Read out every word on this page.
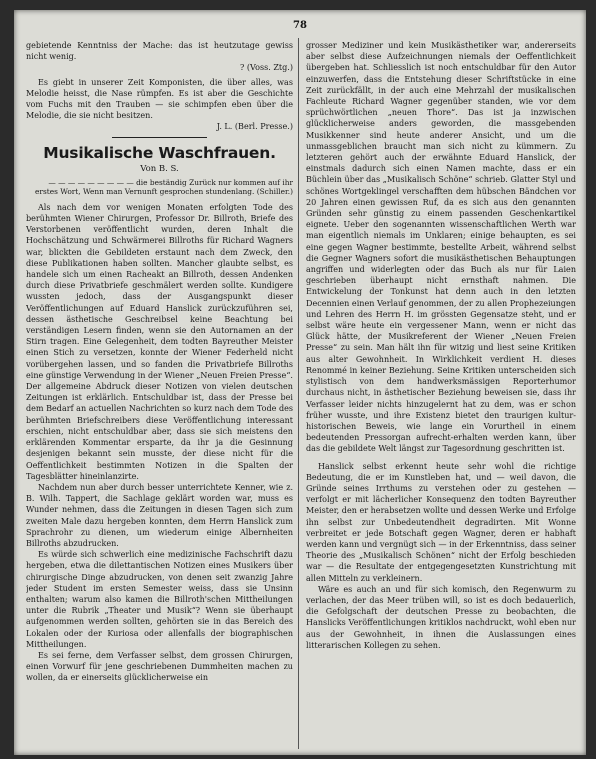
78

gebietende Kenntniss der Mache: das ist heutzutage gewiss nicht wenig.

? (Voss. Ztg.)

Es giebt in unserer Zeit Komponisten, die über alles, was Melodie heisst, die Nase rümpfen. Es ist aber die Geschichte vom Fuchs mit den Trauben — sie schimpfen eben über die Melodie, die sie nicht besitzen.

J. L. (Berl. Presse.)

Musikalische Waschfrauen.

Von B. S.

— — — — — — — — — die beständig Zurück nur kommen auf ihr erstes Wort, Wenn man Vernunft gesprochen stundenlang. (Schiller.)

Als nach dem vor wenigen Monaten erfolgten Tode des berühmten Wiener Chirurgen, Professor Dr. Billroth, Briefe des Verstorbenen veröffentlicht wurden, deren Inhalt die Hochschätzung und Schwärmerei Billroths für Richard Wagners war, blickten die Gebildeten erstaunt nach dem Zweck, den diese Publikationen haben sollten. Mancher glaubte selbst, es handele sich um einen Racheakt an Billroth, dessen Andenken durch diese Privatbriefe geschmälert werden sollte. Kundigere wussten jedoch, dass der Ausgangspunkt dieser Veröffentlichungen auf Eduard Hanslick zurückzuführen sei, dessen ästhetische Geschreibsel keine Beachtung bei verständigen Lesern finden, wenn sie den Autornamen an der Stirn tragen. Eine Gelegenheit, dem todten Bayreuther Meister einen Stich zu versetzen, konnte der Wiener Federheld nicht vorübergehen lassen, und so fanden die Privatbriefe Billroths eine günstige Verwendung in der Wiener „Neuen Freien Presse“. Der allgemeine Abdruck dieser Notizen von vielen deutschen Zeitungen ist erklärlich. Entschuldbar ist, dass der Presse bei dem Bedarf an actuellen Nachrichten so kurz nach dem Tode des berühmten Briefschreibers diese Veröffentlichung interessant erschien, nicht entschuldbar aber, dass sie sich meistens den erklärenden Kommentar ersparte, da ihr ja die Gesinnung desjenigen bekannt sein musste, der diese nicht für die Oeffentlichkeit bestimmten Notizen in die Spalten der Tagesblätter hineinlanzirte.

Nachdem nun aber durch besser unterrichtete Kenner, wie z. B. Wilh. Tappert, die Sachlage geklärt worden war, muss es Wunder nehmen, dass die Zeitungen in diesen Tagen sich zum zweiten Male dazu hergeben konnten, dem Herrn Hanslick zum Sprachrohr zu dienen, um wiederum einige Albernheiten Billroths abzudrucken.

Es würde sich schwerlich eine medizinische Fachschrift dazu hergeben, etwa die dilettantischen Notizen eines Musikers über chirurgische Dinge abzudrucken, von denen seit zwanzig Jahre jeder Student im ersten Semester weiss, dass sie Unsinn enthalten; warum also kamen die Billroth'schen Mittheilungen unter die Rubrik „Theater und Musik“? Wenn sie überhaupt aufgenommen werden sollten, gehörten sie in das Bereich des Lokalen oder der Kuriosa oder allenfalls der biographischen Mittheilungen.

Es sei ferne, dem Verfasser selbst, dem grossen Chirurgen, einen Vorwurf für jene geschriebenen Dummheiten machen zu wollen, da er einerseits glücklicherweise ein

grosser Mediziner und kein Musikästhetiker war, andererseits aber selbst diese Aufzeichnungen niemals der Oeffentlichkeit übergeben hat. Schliesslich ist noch entschuldbar für den Autor einzuwerfen, dass die Entstehung dieser Schriftstücke in eine Zeit zurückfällt, in der auch eine Mehrzahl der musikalischen Fachleute Richard Wagner gegenüber standen, wie vor dem sprüchwörtlichen „neuen Thore“. Das ist ja inzwischen glücklicherweise anders geworden, die massgebenden Musikkenner sind heute anderer Ansicht, und um die unmassgeblichen braucht man sich nicht zu kümmern. Zu letzteren gehört auch der erwähnte Eduard Hanslick, der einstmals dadurch sich einen Namen machte, dass er ein Büchlein über das „Musikalisch Schöne“ schrieb. Glatter Styl und schönes Wortgeklingel verschafften dem hübschen Bändchen vor 20 Jahren einen gewissen Ruf, da es sich aus den genannten Gründen sehr günstig zu einem passenden Geschenkartikel eignete. Ueber den sogenannten wissenschaftlichen Werth war man eigentlich niemals im Unklaren; einige behaupten, es sei eine gegen Wagner bestimmte, bestellte Arbeit, während selbst die Gegner Wagners sofort die musikästhetischen Behauptungen angriffen und widerlegten oder das Buch als nur für Laien geschrieben überhaupt nicht ernsthaft nahmen. Die Entwickelung der Tonkunst hat denn auch in den letzten Decennien einen Verlauf genommen, der zu allen Prophezeiungen und Lehren des Herrn H. im grössten Gegensatze steht, und er selbst wäre heute ein vergessener Mann, wenn er nicht das Glück hätte, der Musikreferent der Wiener „Neuen Freien Presse“ zu sein. Man hält ihn für witzig und liest seine Kritiken aus alter Gewohnheit. In Wirklichkeit verdient H. dieses Renommé in keiner Beziehung. Seine Kritiken unterscheiden sich stylistisch von dem handwerksmässigen Reporterhumor durchaus nicht, in ästhetischer Beziehung beweisen sie, dass ihr Verfasser leider nichts hinzugelernt hat zu dem, was er schon früher wusste, und ihre Existenz bietet den traurigen kultur-historischen Beweis, wie lange ein Vorurtheil in einem bedeutenden Pressorgan aufrecht-erhalten werden kann, über das die gebildete Welt längst zur Tagesordnung geschritten ist.

Hanslick selbst erkennt heute sehr wohl die richtige Bedeutung, die er im Kunstleben hat, und — weil davon, die Gründe seines Irrthums zu verstehen oder zu gestehen — verfolgt er mit lächerlicher Konsequenz den todten Bayreuther Meister, den er herabsetzen wollte und dessen Werke und Erfolge ihn selbst zur Unbedeutendheit degradirten. Mit Wonne verbreitet er jede Botschaft gegen Wagner, deren er habhaft werden kann und vergnügt sich — in der Erkenntniss, dass seiner Theorie des „Musikalisch Schönen“ nicht der Erfolg beschieden war — die Resultate der entgegengesetzten Kunstrichtung mit allen Mitteln zu verkleinern.

Wäre es auch an und für sich komisch, den Regenwurm zu verlachen, der das Meer trüben will, so ist es doch bedauerlich, die Gefolgschaft der deutschen Presse zu beobachten, die Hanslicks Veröffentlichungen kritiklos nachdruckt, wohl eben nur aus der Gewohnheit, in ihnen die Auslassungen eines litterarischen Kollegen zu sehen.
